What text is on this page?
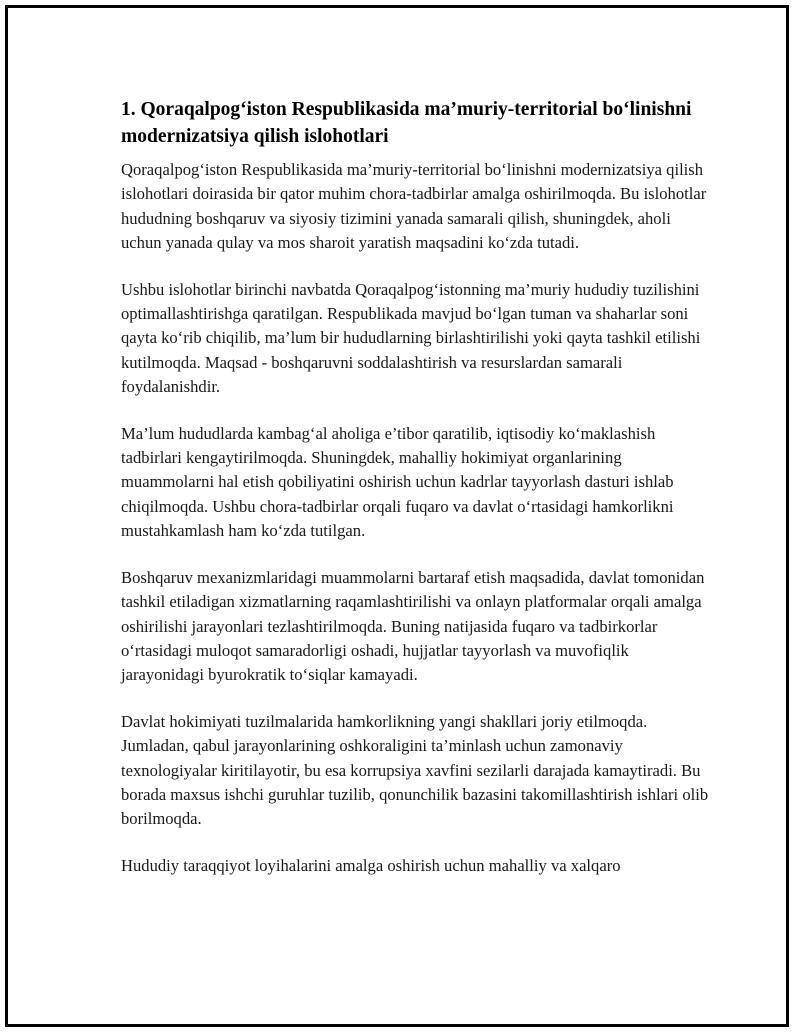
1. Qoraqalpog‘iston Respublikasida ma’muriy-territorial bo‘linishni modernizatsiya qilish islohotlari

Qoraqalpog‘iston Respublikasida ma’muriy-territorial bo‘linishni modernizatsiya qilish islohotlari doirasida bir qator muhim chora-tadbirlar amalga oshirilmoqda. Bu islohotlar hududning boshqaruv va siyosiy tizimini yanada samarali qilish, shuningdek, aholi uchun yanada qulay va mos sharoit yaratish maqsadini ko‘zda tutadi.

Ushbu islohotlar birinchi navbatda Qoraqalpog‘istonning ma’muriy hududiy tuzilishini optimallashtirishga qaratilgan. Respublikada mavjud bo‘lgan tuman va shaharlar soni qayta ko‘rib chiqilib, ma’lum bir hududlarning birlashtirilishi yoki qayta tashkil etilishi kutilmoqda. Maqsad - boshqaruvni soddalashtirish va resurslardan samarali foydalanishdir.

Ma’lum hududlarda kambag‘al aholiga e’tibor qaratilib, iqtisodiy ko‘maklashish tadbirlari kengaytirilmoqda. Shuningdek, mahalliy hokimiyat organlarining muammolarni hal etish qobiliyatini oshirish uchun kadrlar tayyorlash dasturi ishlab chiqilmoqda. Ushbu chora-tadbirlar orqali fuqaro va davlat o‘rtasidagi hamkorlikni mustahkamlash ham ko‘zda tutilgan.

Boshqaruv mexanizmlaridagi muammolarni bartaraf etish maqsadida, davlat tomonidan tashkil etiladigan xizmatlarning raqamlashtirilishi va onlayn platformalar orqali amalga oshirilishi jarayonlari tezlashtirilmoqda. Buning natijasida fuqaro va tadbirkorlar o‘rtasidagi muloqot samaradorligi oshadi, hujjatlar tayyorlash va muvofiqlik jarayonidagi byurokratik to‘siqlar kamayadi.

Davlat hokimiyati tuzilmalarida hamkorlikning yangi shakllari joriy etilmoqda. Jumladan, qabul jarayonlarining oshkoraligini ta’minlash uchun zamonaviy texnologiyalar kiritilayotir, bu esa korrupsiya xavfini sezilarli darajada kamaytiradi. Bu borada maxsus ishchi guruhlar tuzilib, qonunchilik bazasini takomillashtirish ishlari olib borilmoqda.

Hududiy taraqqiyot loyihalarini amalga oshirish uchun mahalliy va xalqaro
